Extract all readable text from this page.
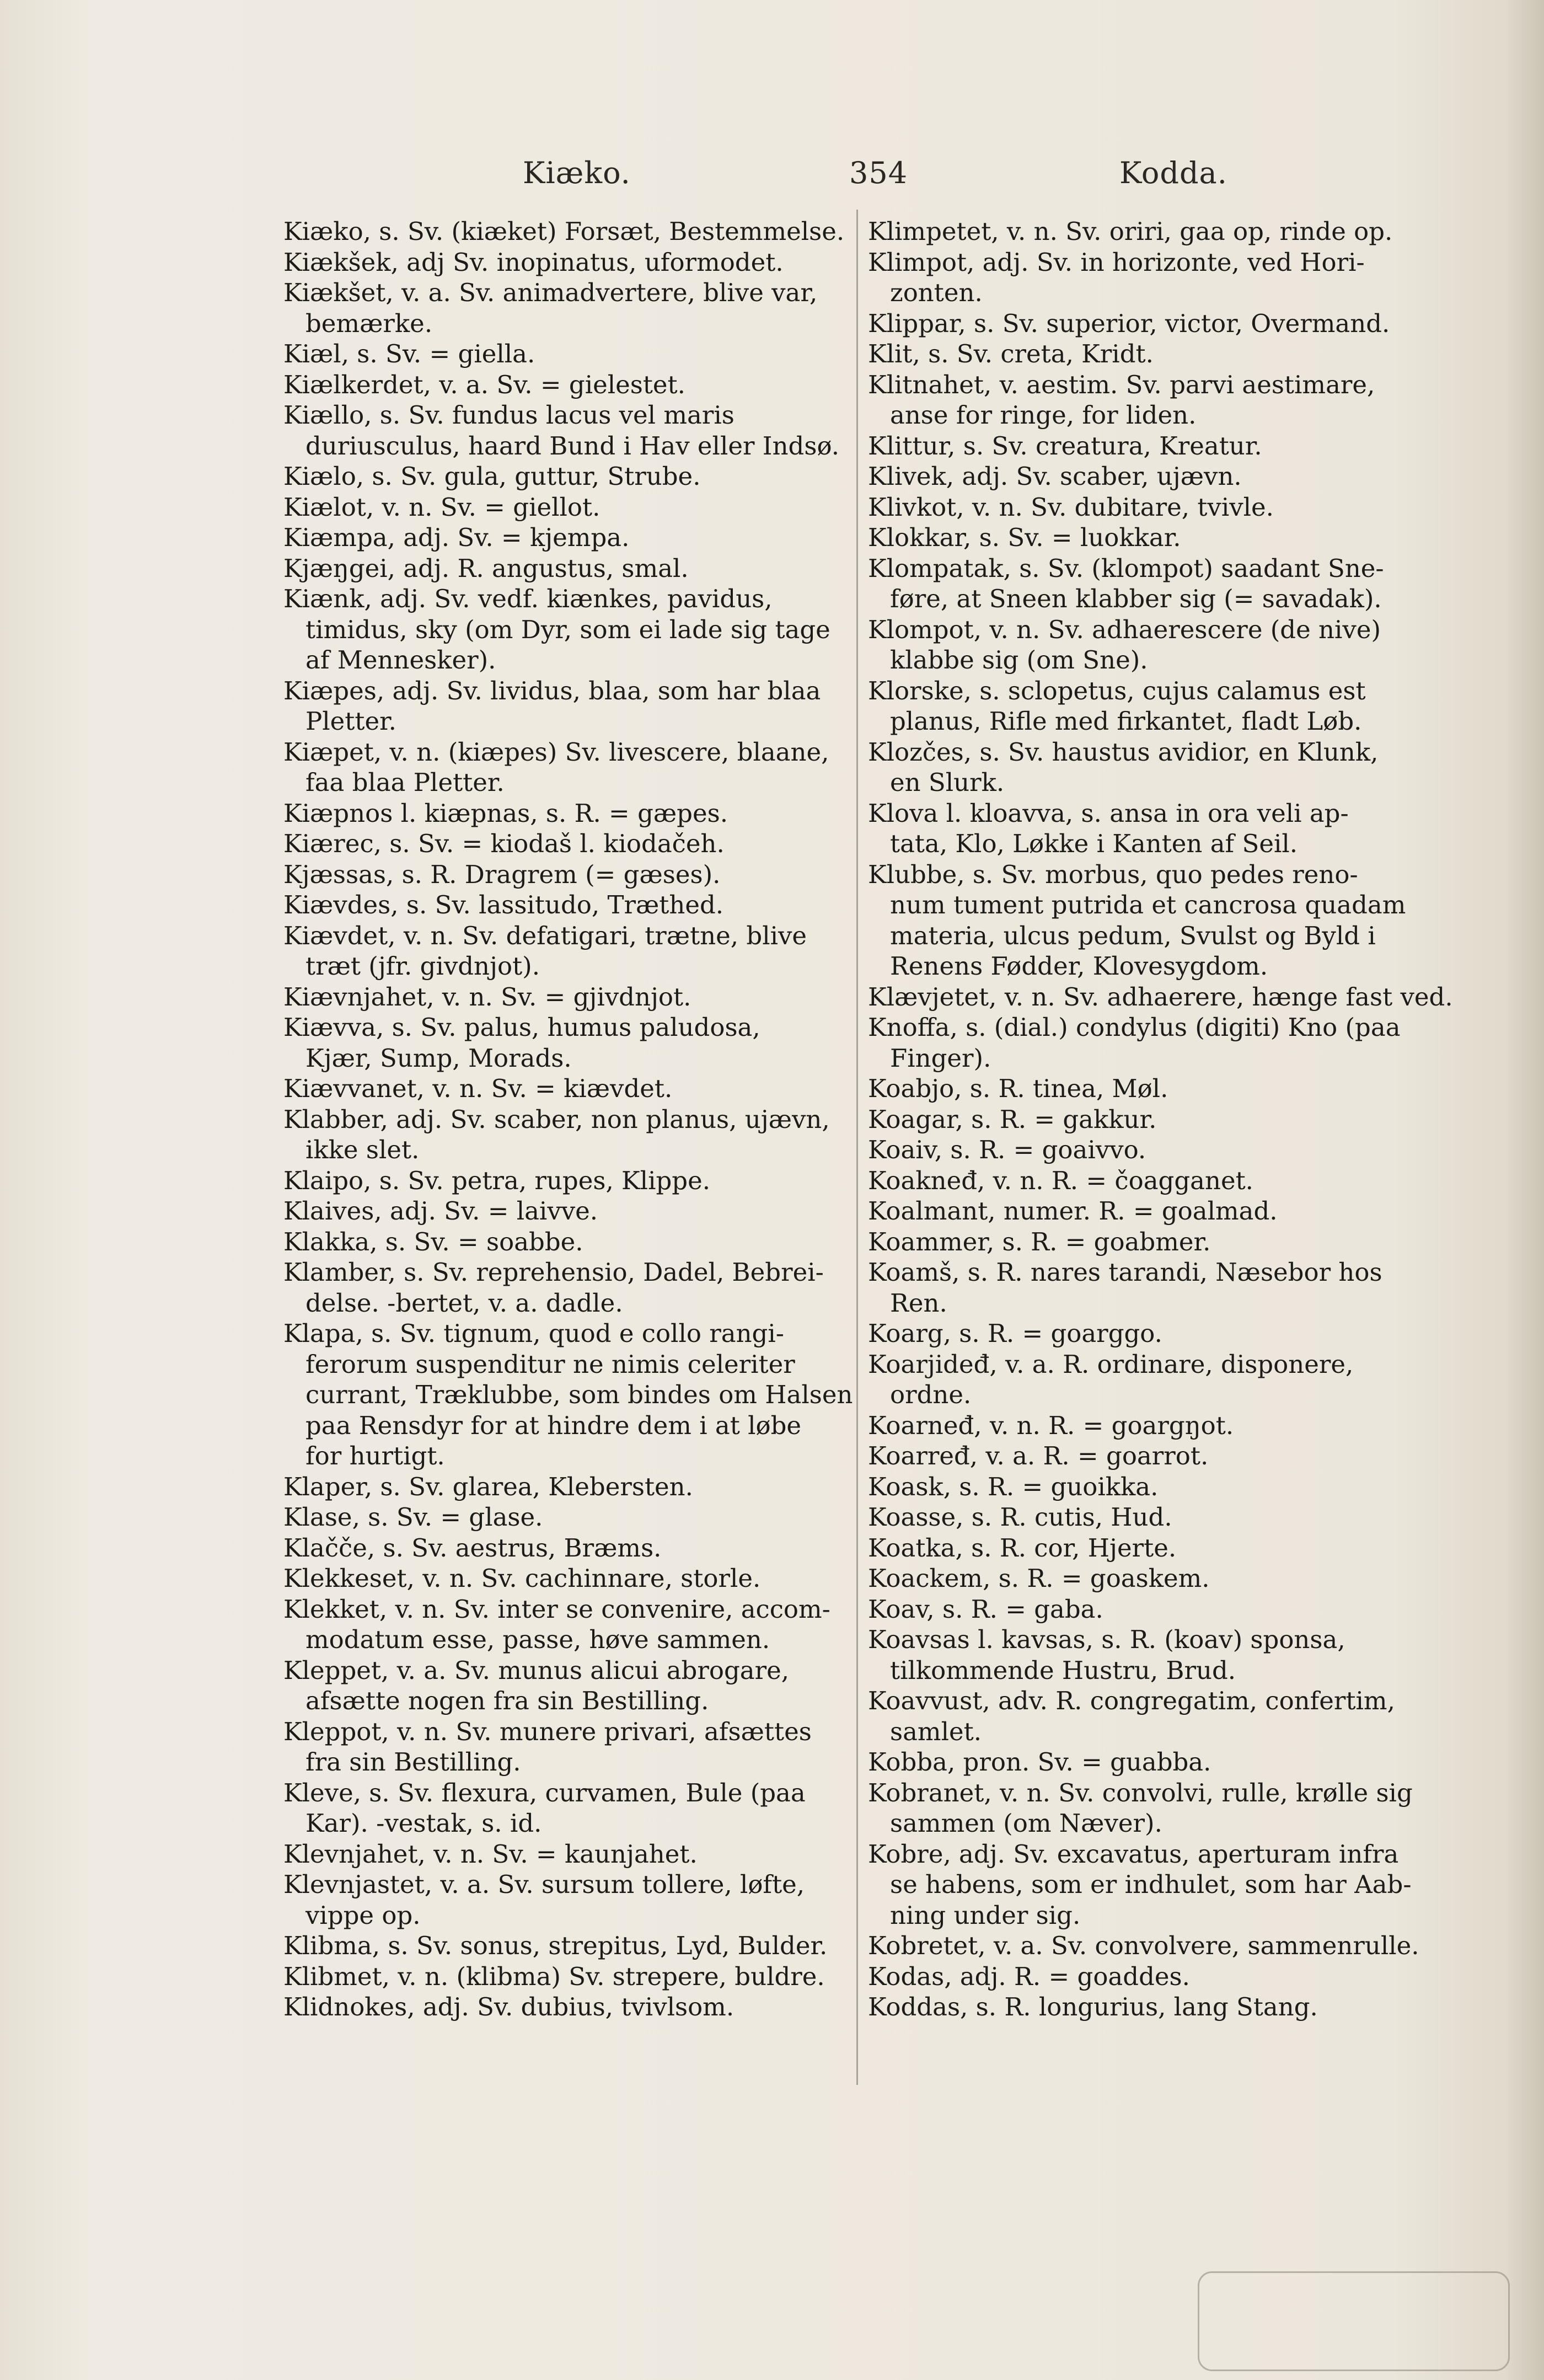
Kiæko.	354	Kodda.
Kiæko, s. Sv. (kiæket) Forsæt, Bestemmelse.
Kiækšek, adj Sv. inopinatus, uformodet.
Kiækšet, v. a. Sv. animadvertere, blive var,
bemærke.
Kiæl, s. Sv. = giella.
Kiælkerdet, v. a. Sv. = gielestet.
Kiællo, s. Sv. fundus lacus vel maris
duriusculus, haard Bund i Hav eller Indsø.
Kiælo, s. Sv. gula, guttur, Strube.
Kiælot, v. n. Sv. = giellot.
Kiæmpa, adj. Sv. = kjempa.
Kjæŋgei, adj. R. angustus, smal.
Kiænk, adj. Sv. vedf. kiænkes, pavidus,
timidus, sky (om Dyr, som ei lade sig tage
af Mennesker).
Kiæpes, adj. Sv. lividus, blaa, som har blaa
Pletter.
Kiæpet, v. n. (kiæpes) Sv. livescere, blaane,
faa blaa Pletter.
Kiæpnos l. kiæpnas, s. R. = gæpes.
Kiærec, s. Sv. = kiodaš l. kiodačeh.
Kjæssas, s. R. Dragrem (= gæses).
Kiævdes, s. Sv. lassitudo, Træthed.
Kiævdet, v. n. Sv. defatigari, trætne, blive
træt (jfr. givdnjot).
Kiævnjahet, v. n. Sv. = gjivdnjot.
Kiævva, s. Sv. palus, humus paludosa,
Kjær, Sump, Morads.
Kiævvanet, v. n. Sv. = kiævdet.
Klabber, adj. Sv. scaber, non planus, ujævn,
ikke slet.
Klaipo, s. Sv. petra, rupes, Klippe.
Klaives, adj. Sv. = laivve.
Klakka, s. Sv. = soabbe.
Klamber, s. Sv. reprehensio, Dadel, Bebrei-
delse. -bertet, v. a. dadle.
Klapa, s. Sv. tignum, quod e collo rangi-
ferorum suspenditur ne nimis celeriter
currant, Træklubbe, som bindes om Halsen
paa Rensdyr for at hindre dem i at løbe
for hurtigt.
Klaper, s. Sv. glarea, Klebersten.
Klase, s. Sv. = glase.
Klačče, s. Sv. aestrus, Bræms.
Klekkeset, v. n. Sv. cachinnare, storle.
Klekket, v. n. Sv. inter se convenire, accom-
modatum esse, passe, høve sammen.
Kleppet, v. a. Sv. munus alicui abrogare,
afsætte nogen fra sin Bestilling.
Kleppot, v. n. Sv. munere privari, afsættes
fra sin Bestilling.
Kleve, s. Sv. flexura, curvamen, Bule (paa
Kar). -vestak, s. id.
Klevnjahet, v. n. Sv. = kaunjahet.
Klevnjastet, v. a. Sv. sursum tollere, løfte,
vippe op.
Klibma, s. Sv. sonus, strepitus, Lyd, Bulder.
Klibmet, v. n. (klibma) Sv. strepere, buldre.
Klidnokes, adj. Sv. dubius, tvivlsom.
Klimpetet, v. n. Sv. oriri, gaa op, rinde op.
Klimpot, adj. Sv. in horizonte, ved Hori-
zonten.
Klippar, s. Sv. superior, victor, Overmand.
Klit, s. Sv. creta, Kridt.
Klitnahet, v. aestim. Sv. parvi aestimare,
anse for ringe, for liden.
Klittur, s. Sv. creatura, Kreatur.
Klivek, adj. Sv. scaber, ujævn.
Klivkot, v. n. Sv. dubitare, tvivle.
Klokkar, s. Sv. = luokkar.
Klompatak, s. Sv. (klompot) saadant Sne-
føre, at Sneen klabber sig (= savadak).
Klompot, v. n. Sv. adhaerescere (de nive)
klabbe sig (om Sne).
Klorske, s. sclopetus, cujus calamus est
planus, Rifle med firkantet, fladt Løb.
Klozčes, s. Sv. haustus avidior, en Klunk,
en Slurk.
Klova l. kloavva, s. ansa in ora veli ap-
tata, Klo, Løkke i Kanten af Seil.
Klubbe, s. Sv. morbus, quo pedes reno-
num tument putrida et cancrosa quadam
materia, ulcus pedum, Svulst og Byld i
Renens Fødder, Klovesygdom.
Klævjetet, v. n. Sv. adhaerere, hænge fast ved.
Knoffa, s. (dial.) condylus (digiti) Kno (paa
Finger).
Koabjo, s. R. tinea, Møl.
Koagar, s. R. = gakkur.
Koaiv, s. R. = goaivvo.
Koakneđ, v. n. R. = čoagganet.
Koalmant, numer. R. = goalmad.
Koammer, s. R. = goabmer.
Koamš, s. R. nares tarandi, Næsebor hos
Ren.
Koarg, s. R. = goarggo.
Koarjideđ, v. a. R. ordinare, disponere,
ordne.
Koarneđ, v. n. R. = goargŋot.
Koarređ, v. a. R. = goarrot.
Koask, s. R. = guoikka.
Koasse, s. R. cutis, Hud.
Koatka, s. R. cor, Hjerte.
Koackem, s. R. = goaskem.
Koav, s. R. = gaba.
Koavsas l. kavsas, s. R. (koav) sponsa,
tilkommende Hustru, Brud.
Koavvust, adv. R. congregatim, confertim,
samlet.
Kobba, pron. Sv. = guabba.
Kobranet, v. n. Sv. convolvi, rulle, krølle sig
sammen (om Næver).
Kobre, adj. Sv. excavatus, aperturam infra
se habens, som er indhulet, som har Aab-
ning under sig.
Kobretet, v. a. Sv. convolvere, sammenrulle.
Kodas, adj. R. = goaddes.
Koddas, s. R. longurius, lang Stang.
